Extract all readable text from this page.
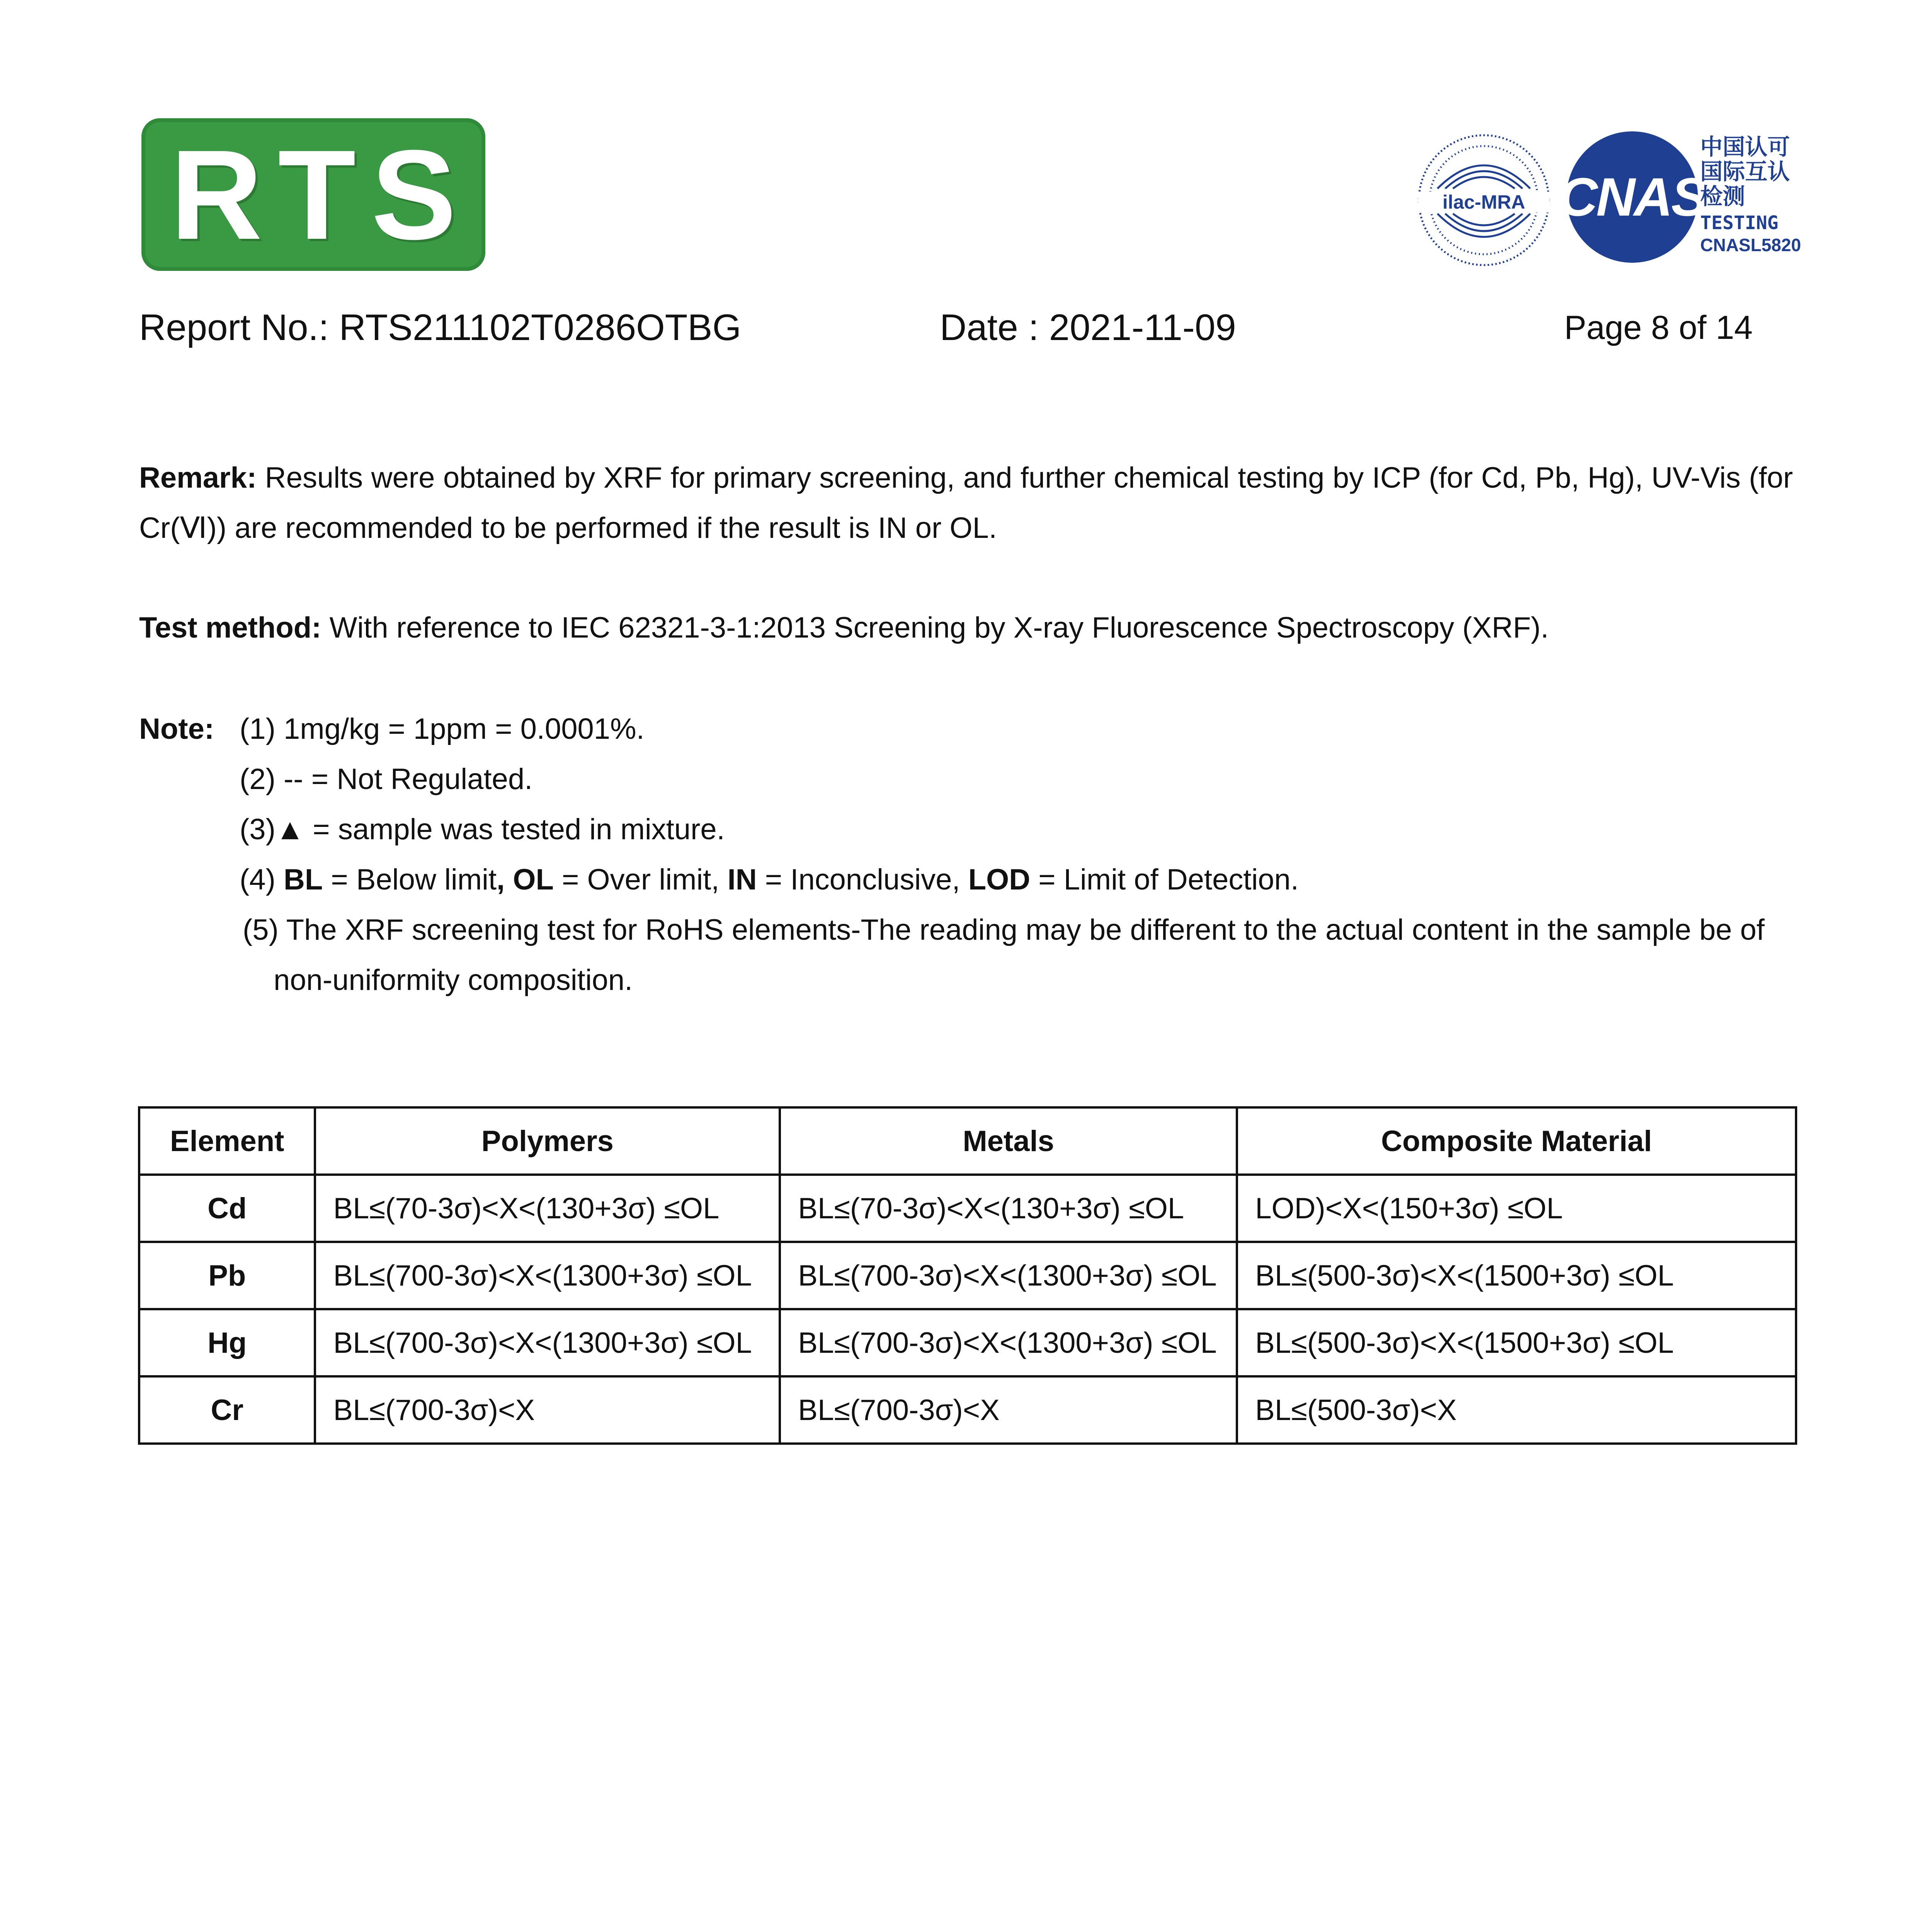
RTS	ilac-MRA CNAS
中国认可
国际互认
检测
TESTING
CNASL5820
Report No.: RTS211102T0286OTBG	Date : 2021-11-09	Page 8 of 14
Remark: Results were obtained by XRF for primary screening, and further chemical testing by ICP (for Cd, Pb, Hg), UV-Vis (for Cr(Ⅵ)) are recommended to be performed if the result is IN or OL.
Test method: With reference to IEC 62321-3-1:2013 Screening by X-ray Fluorescence Spectroscopy (XRF).
Note: (1) 1mg/kg = 1ppm = 0.0001%.
(2) -- = Not Regulated.
(3)▲ = sample was tested in mixture.
(4) BL = Below limit, OL = Over limit, IN = Inconclusive, LOD = Limit of Detection.
(5) The XRF screening test for RoHS elements-The reading may be different to the actual content in the sample be of
non-uniformity composition.
Element	Polymers	Metals	Composite Material
Cd	BL≤(70-3σ)<X<(130+3σ) ≤OL	BL≤(70-3σ)<X<(130+3σ) ≤OL	LOD)<X<(150+3σ) ≤OL
Pb	BL≤(700-3σ)<X<(1300+3σ) ≤OL	BL≤(700-3σ)<X<(1300+3σ) ≤OL	BL≤(500-3σ)<X<(1500+3σ) ≤OL
Hg	BL≤(700-3σ)<X<(1300+3σ) ≤OL	BL≤(700-3σ)<X<(1300+3σ) ≤OL	BL≤(500-3σ)<X<(1500+3σ) ≤OL
Cr	BL≤(700-3σ)<X	BL≤(700-3σ)<X	BL≤(500-3σ)<X
